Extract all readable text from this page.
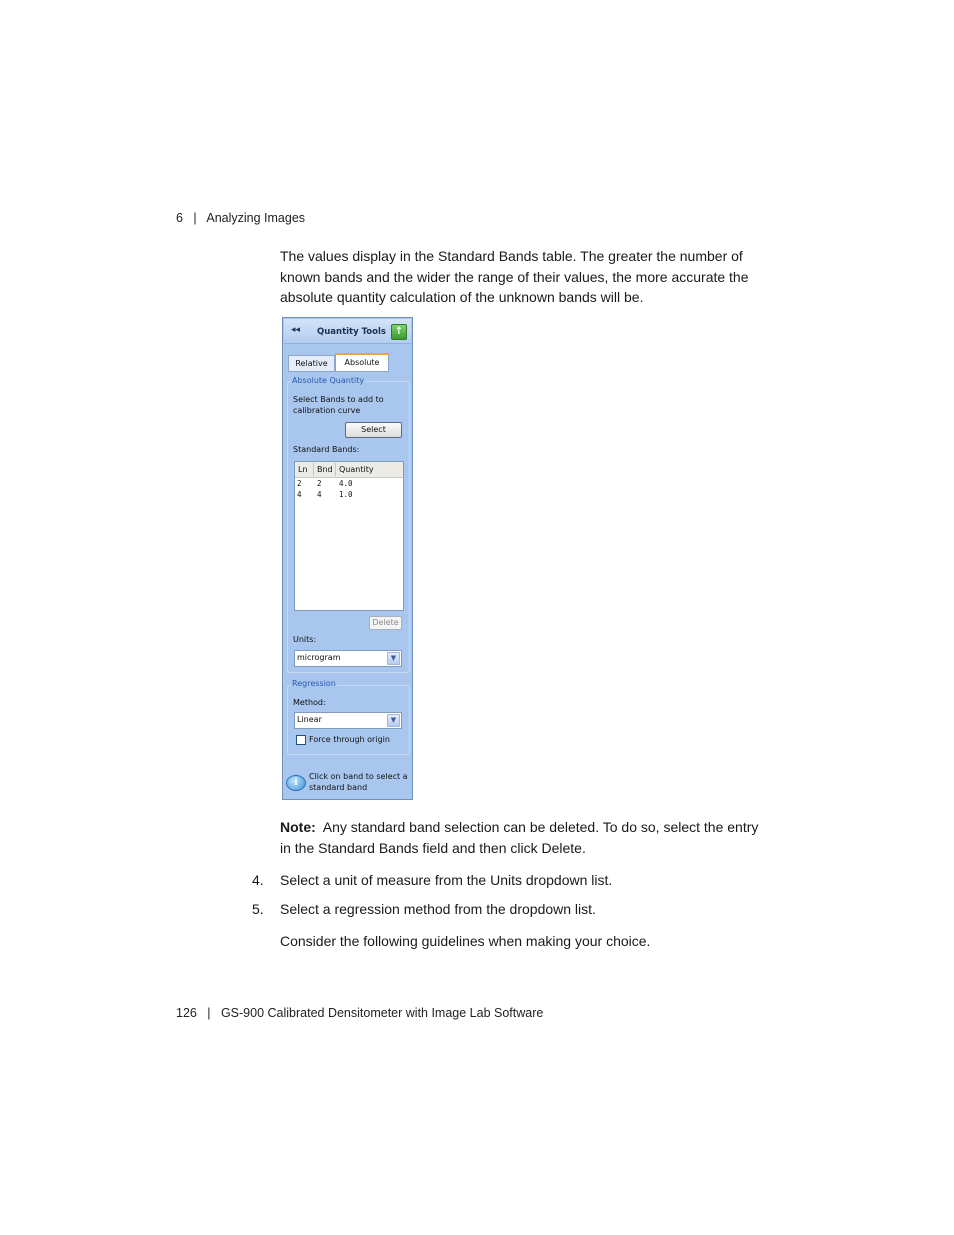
6 | Analyzing Images
The values display in the Standard Bands table. The greater the number of known bands and the wider the range of their values, the more accurate the absolute quantity calculation of the unknown bands will be.
◂◂ Quantity Tools ↑
Relative	Absolute
Absolute Quantity
Select Bands to add to calibration curve
Select
Standard Bands:
Ln Bnd Quantity
2 2 4.0
4 4 1.0
Delete
Units:
microgram	▼
Regression
Method:
Linear	▼
Force through origin
i
Click on band to select a standard band
Note: Any standard band selection can be deleted. To do so, select the entry in the Standard Bands field and then click Delete.
4. Select a unit of measure from the Units dropdown list.
5. Select a regression method from the dropdown list.
Consider the following guidelines when making your choice.
126 | GS-900 Calibrated Densitometer with Image Lab Software
